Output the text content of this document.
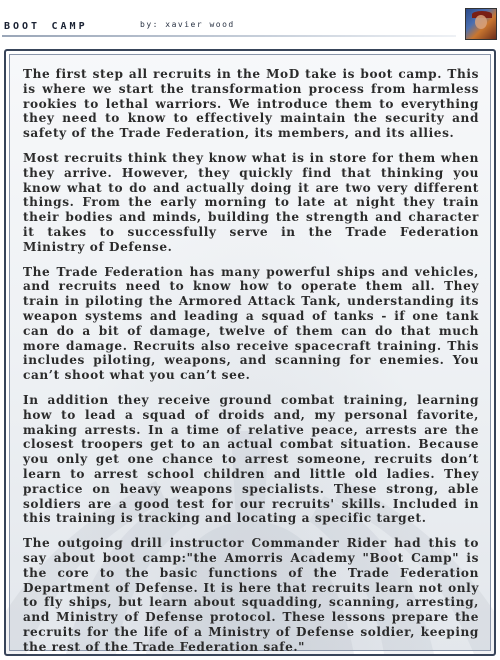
boot camp	by: xavier wood

The first step all recruits in the MoD take is boot camp. This is where we start the transformation process from harmless rookies to lethal warriors. We introduce them to everything they need to know to effectively maintain the security and safety of the Trade Federation, its members, and its allies.

Most recruits think they know what is in store for them when they arrive. However, they quickly find that thinking you know what to do and actually doing it are two very different things. From the early morning to late at night they train their bodies and minds, building the strength and character it takes to successfully serve in the Trade Federation Ministry of Defense.

The Trade Federation has many powerful ships and vehicles, and recruits need to know how to operate them all. They train in piloting the Armored Attack Tank, understanding its weapon systems and leading a squad of tanks - if one tank can do a bit of damage, twelve of them can do that much more damage. Recruits also receive spacecraft training. This includes piloting, weapons, and scanning for enemies. You can’t shoot what you can’t see.

In addition they receive ground combat training, learning how to lead a squad of droids and, my personal favorite, making arrests. In a time of relative peace, arrests are the closest troopers get to an actual combat situation. Because you only get one chance to arrest someone, recruits don’t learn to arrest school children and little old ladies. They practice on heavy weapons specialists. These strong, able soldiers are a good test for our recruits' skills. Included in this training is tracking and locating a specific target.

The outgoing drill instructor Commander Rider had this to say about boot camp:"the Amorris Academy "Boot Camp" is the core to the basic functions of the Trade Federation Department of Defense. It is here that recruits learn not only to fly ships, but learn about squadding, scanning, arresting, and Ministry of Defense protocol. These lessons prepare the recruits for the life of a Ministry of Defense soldier, keeping the rest of the Trade Federation safe."
